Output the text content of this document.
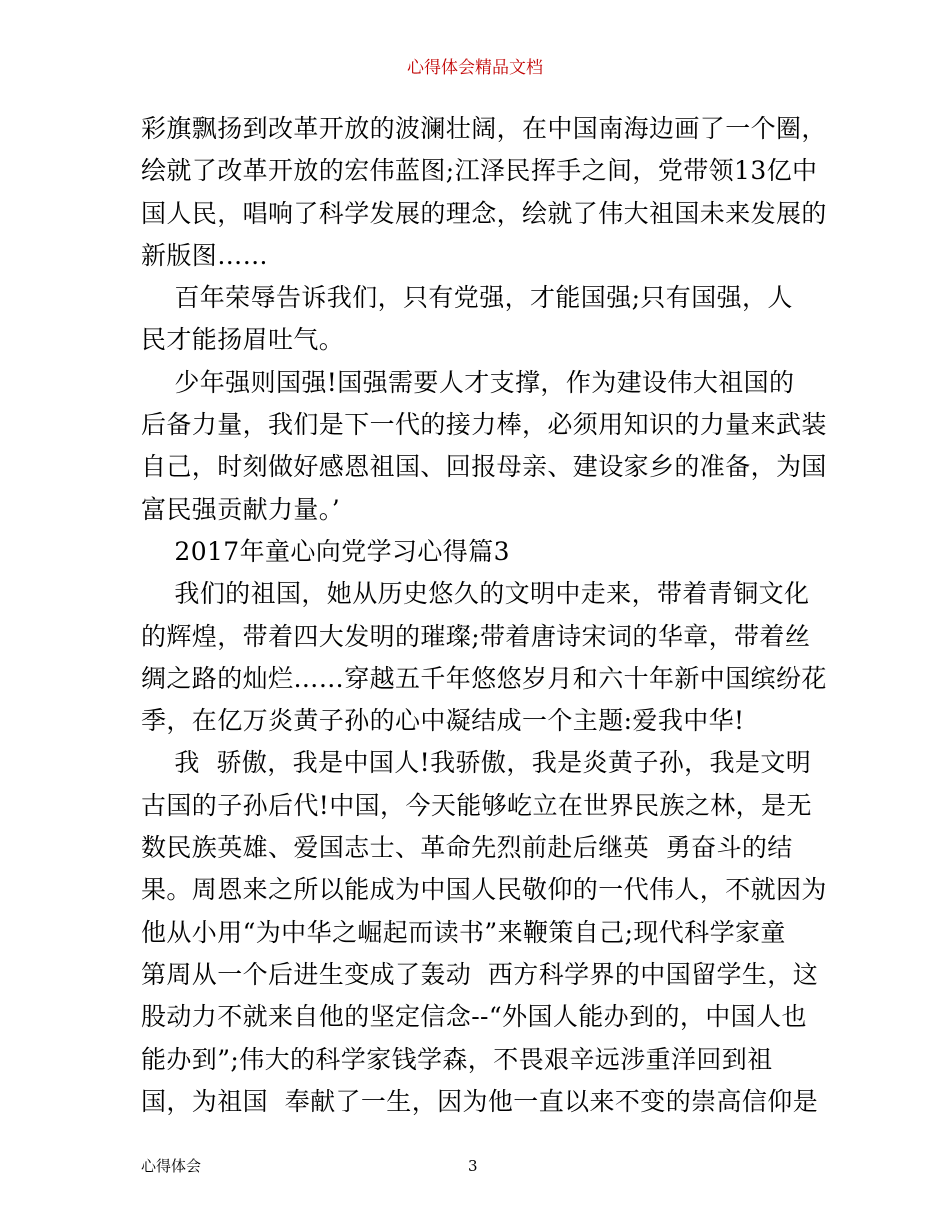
心得体会精品文档
彩旗飘扬到改革开放的波澜壮阔，在中国南海边画了一个圈，
绘就了改革开放的宏伟蓝图;江泽民挥手之间，党带领13亿中
国人民，唱响了科学发展的理念，绘就了伟大祖国未来发展的
新版图……
百年荣辱告诉我们，只有党强，才能国强;只有国强，人
民才能扬眉吐气。
少年强则国强!国强需要人才支撑，作为建设伟大祖国的
后备力量，我们是下一代的接力棒，必须用知识的力量来武装
自己，时刻做好感恩祖国、回报母亲、建设家乡的准备，为国
富民强贡献力量。’
2017年童心向党学习心得篇3
我们的祖国，她从历史悠久的文明中走来，带着青铜文化
的辉煌，带着四大发明的璀璨;带着唐诗宋词的华章，带着丝
绸之路的灿烂……穿越五千年悠悠岁月和六十年新中国缤纷花
季，在亿万炎黄子孙的心中凝结成一个主题:爱我中华!
我  骄傲，我是中国人!我骄傲，我是炎黄子孙，我是文明
古国的子孙后代!中国，今天能够屹立在世界民族之林，是无
数民族英雄、爱国志士、革命先烈前赴后继英  勇奋斗的结
果。周恩来之所以能成为中国人民敬仰的一代伟人，不就因为
他从小用“为中华之崛起而读书”来鞭策自己;现代科学家童
第周从一个后进生变成了轰动  西方科学界的中国留学生，这
股动力不就来自他的坚定信念--“外国人能办到的，中国人也
能办到”;伟大的科学家钱学森，不畏艰辛远涉重洋回到祖
国，为祖国  奉献了一生，因为他一直以来不变的崇高信仰是
心得体会	3
